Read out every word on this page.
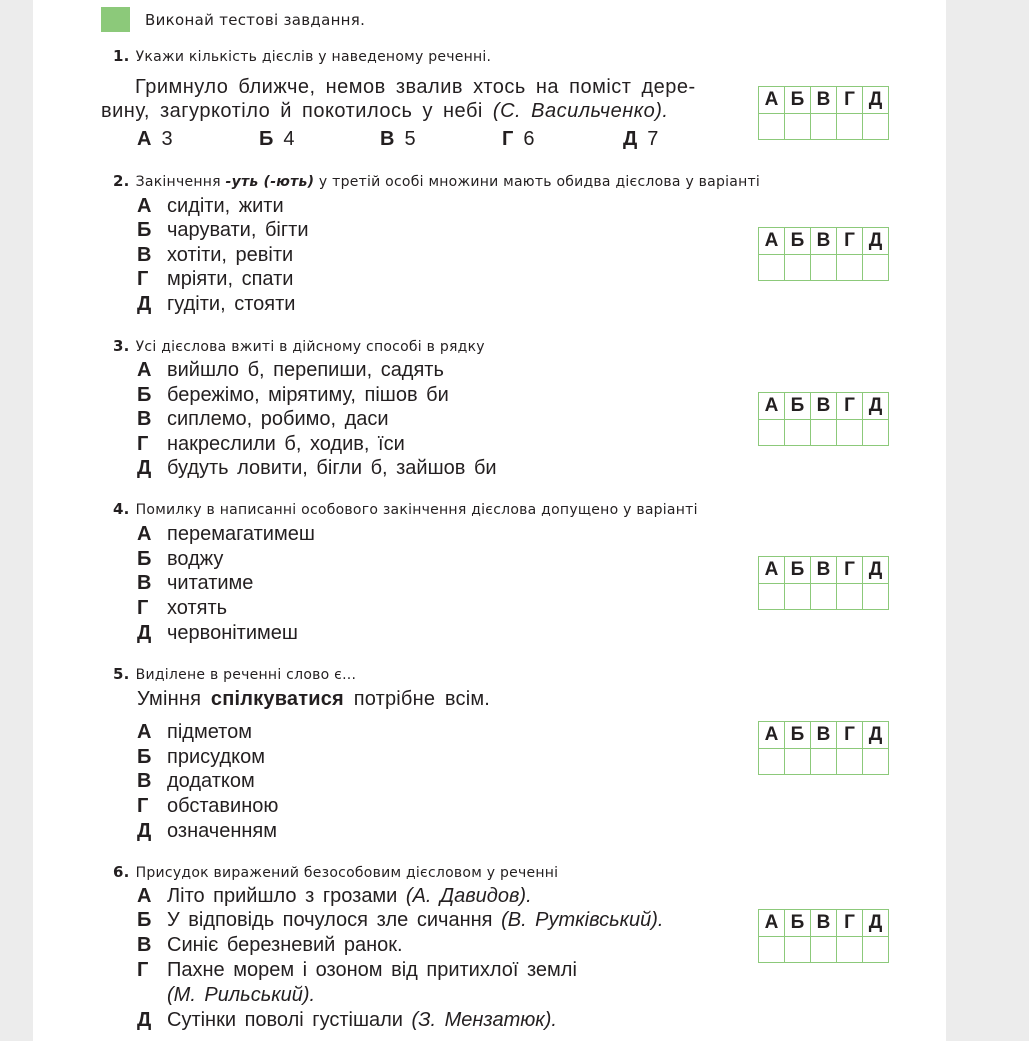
Виконай тестові завдання.
1. Укажи кількість дієслів у наведеному реченні.
Гримнуло ближче, немов звалив хтось на поміст дере-
вину, загуркотіло й покотилось у небі (С. Васильченко).
А 3	Б 4	В 5	Г 6	Д 7
А	Б	В	Г	Д

2. Закінчення -уть (-ють) у третій особі множини мають обидва дієслова у варіанті
А сидіти, жити
Б чарувати, бігти
В хотіти, ревіти
Г мріяти, спати
Д гудіти, стояти
А	Б	В	Г	Д

3. Усі дієслова вжиті в дійсному способі в рядку
А вийшло б, перепиши, садять
Б бережімо, мірятиму, пішов би
В сиплемо, робимо, даси
Г накреслили б, ходив, їси
Д будуть ловити, бігли б, зайшов би
А	Б	В	Г	Д

4. Помилку в написанні особового закінчення дієслова допущено у варіанті
А перемагатимеш
Б воджу
В читатиме
Г хотять
Д червонітимеш
А	Б	В	Г	Д

5. Виділене в реченні слово є...
Уміння спілкуватися потрібне всім.
А підметом
Б присудком
В додатком
Г обставиною
Д означенням
А	Б	В	Г	Д

6. Присудок виражений безособовим дієсловом у реченні
А Літо прийшло з грозами (А. Давидов).
Б У відповідь почулося зле сичання (В. Рутківський).
В Синіє березневий ранок.
Г Пахне морем і озоном від притихлої землі
(М. Рильський).
Д Сутінки поволі густішали (З. Мензатюк).
А	Б	В	Г	Д
